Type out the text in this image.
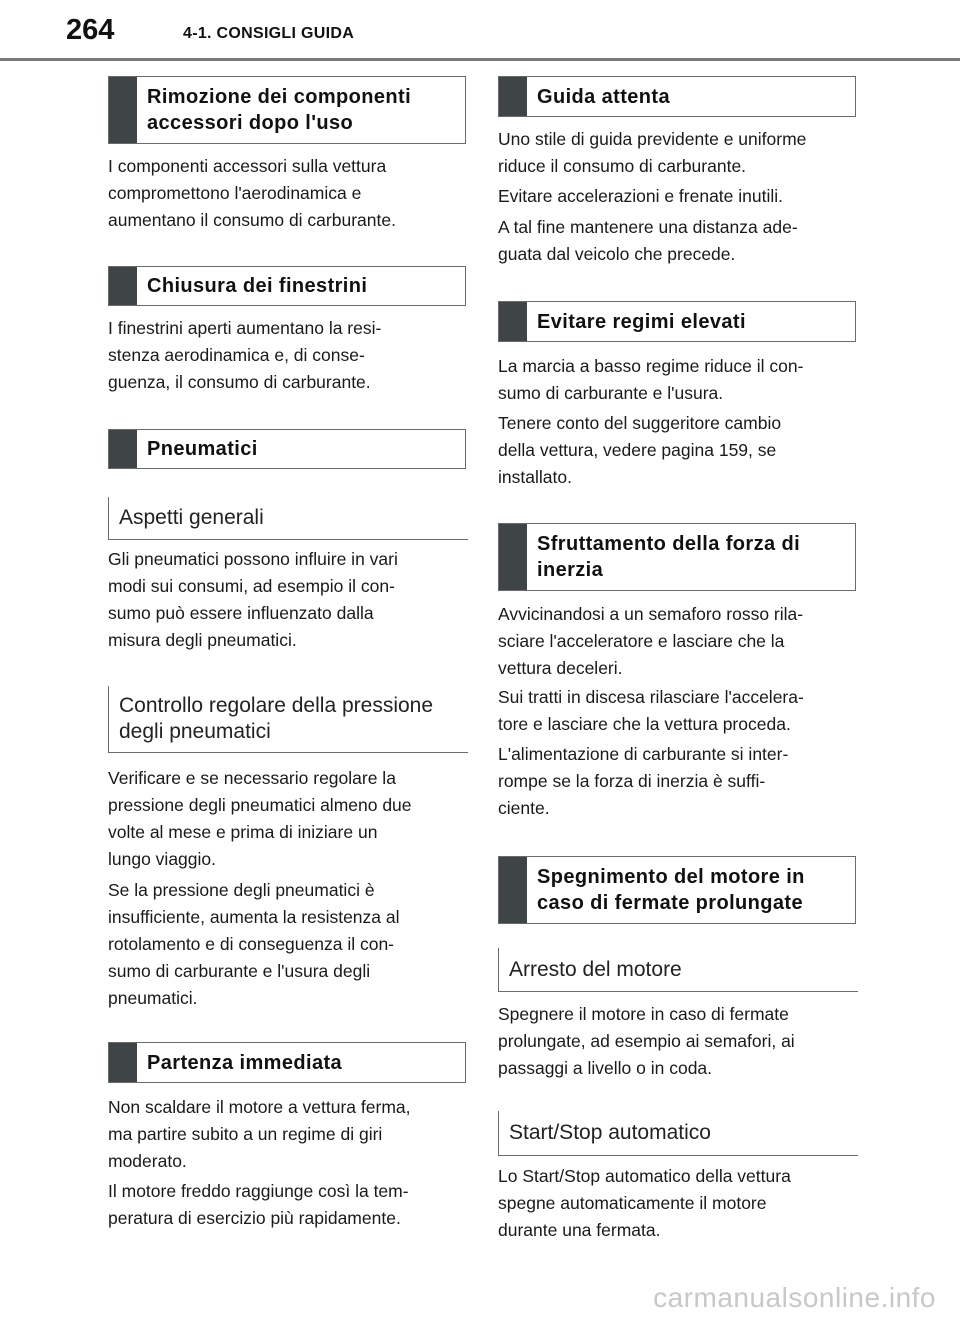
264	4-1. CONSIGLI GUIDA
Rimozione dei componenti
accessori dopo l'uso
I componenti accessori sulla vettura
compromettono l'aerodinamica e
aumentano il consumo di carburante.
Chiusura dei finestrini
I finestrini aperti aumentano la resi-
stenza aerodinamica e, di conse-
guenza, il consumo di carburante.
Pneumatici
Aspetti generali
Gli pneumatici possono influire in vari
modi sui consumi, ad esempio il con-
sumo può essere influenzato dalla
misura degli pneumatici.
Controllo regolare della pressione
degli pneumatici
Verificare e se necessario regolare la
pressione degli pneumatici almeno due
volte al mese e prima di iniziare un
lungo viaggio.
Se la pressione degli pneumatici è
insufficiente, aumenta la resistenza al
rotolamento e di conseguenza il con-
sumo di carburante e l'usura degli
pneumatici.
Partenza immediata
Non scaldare il motore a vettura ferma,
ma partire subito a un regime di giri
moderato.
Il motore freddo raggiunge così la tem-
peratura di esercizio più rapidamente.
Guida attenta
Uno stile di guida previdente e uniforme
riduce il consumo di carburante.
Evitare accelerazioni e frenate inutili.
A tal fine mantenere una distanza ade-
guata dal veicolo che precede.
Evitare regimi elevati
La marcia a basso regime riduce il con-
sumo di carburante e l'usura.
Tenere conto del suggeritore cambio
della vettura, vedere pagina 159, se
installato.
Sfruttamento della forza di
inerzia
Avvicinandosi a un semaforo rosso rila-
sciare l'acceleratore e lasciare che la
vettura deceleri.
Sui tratti in discesa rilasciare l'accelera-
tore e lasciare che la vettura proceda.
L'alimentazione di carburante si inter-
rompe se la forza di inerzia è suffi-
ciente.
Spegnimento del motore in
caso di fermate prolungate
Arresto del motore
Spegnere il motore in caso di fermate
prolungate, ad esempio ai semafori, ai
passaggi a livello o in coda.
Start/Stop automatico
Lo Start/Stop automatico della vettura
spegne automaticamente il motore
durante una fermata.
carmanualsonline.info
